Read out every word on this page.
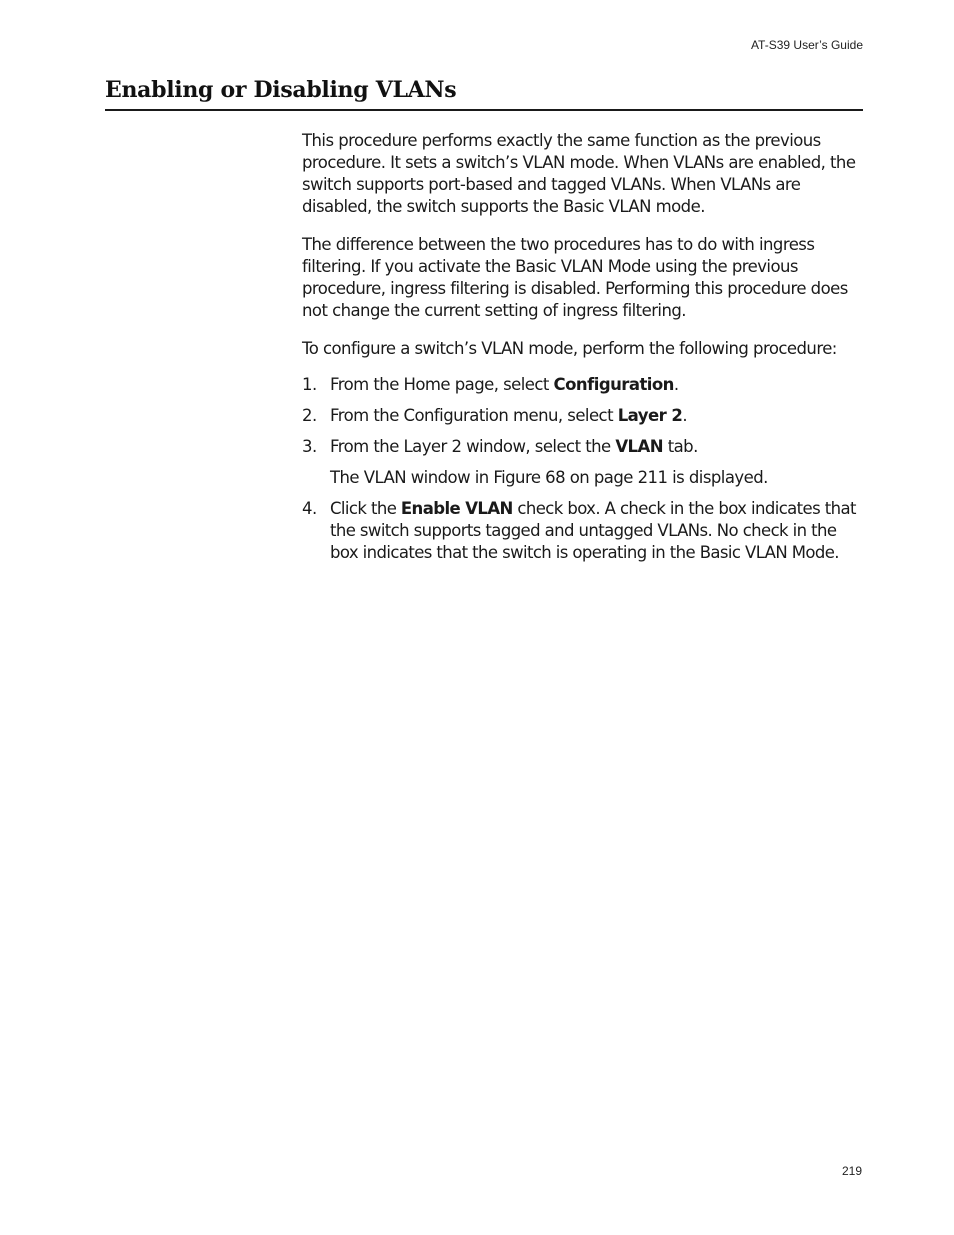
AT-S39 User’s Guide
Enabling or Disabling VLANs

This procedure performs exactly the same function as the previous procedure. It sets a switch’s VLAN mode. When VLANs are enabled, the switch supports port-based and tagged VLANs. When VLANs are disabled, the switch supports the Basic VLAN mode.

The difference between the two procedures has to do with ingress filtering. If you activate the Basic VLAN Mode using the previous procedure, ingress filtering is disabled. Performing this procedure does not change the current setting of ingress filtering.

To configure a switch’s VLAN mode, perform the following procedure:

1. From the Home page, select Configuration.
2. From the Configuration menu, select Layer 2.
3. From the Layer 2 window, select the VLAN tab.

The VLAN window in Figure 68 on page 211 is displayed.

4. Click the Enable VLAN check box. A check in the box indicates that the switch supports tagged and untagged VLANs. No check in the box indicates that the switch is operating in the Basic VLAN Mode.
219
